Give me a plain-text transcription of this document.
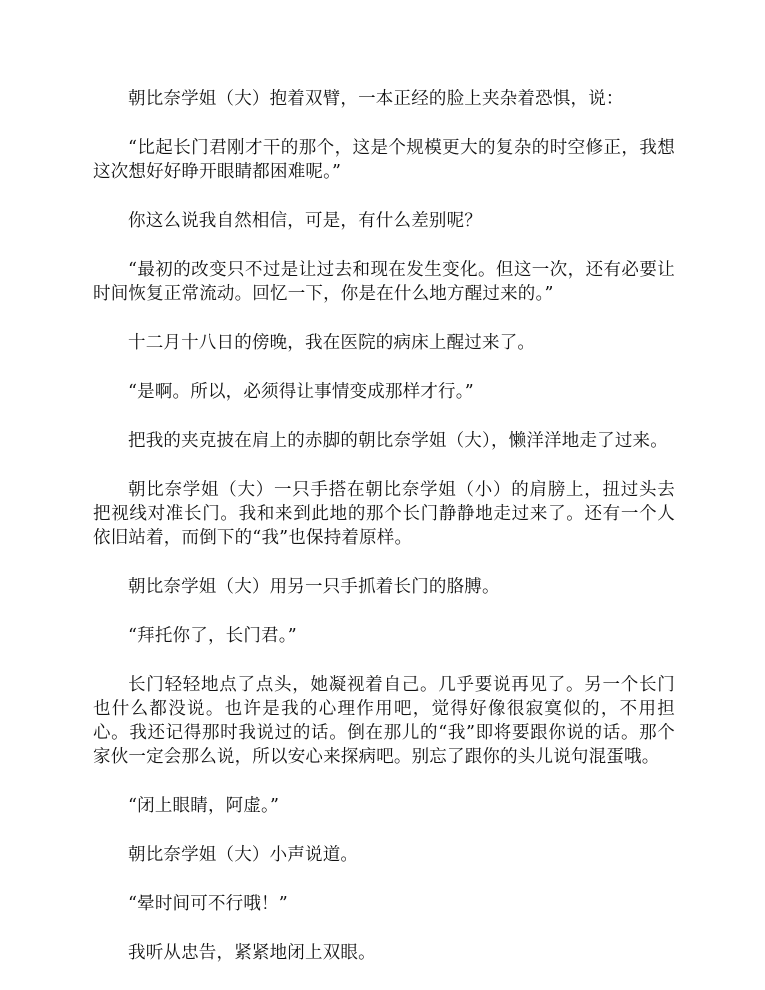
朝比奈学姐（大）抱着双臂，一本正经的脸上夹杂着恐惧，说：

“比起长门君刚才干的那个，这是个规模更大的复杂的时空修正，我想这次想好好睁开眼睛都困难呢。”

你这么说我自然相信，可是，有什么差别呢？

“最初的改变只不过是让过去和现在发生变化。但这一次，还有必要让时间恢复正常流动。回忆一下，你是在什么地方醒过来的。”

十二月十八日的傍晚，我在医院的病床上醒过来了。

“是啊。所以，必须得让事情变成那样才行。”

把我的夹克披在肩上的赤脚的朝比奈学姐（大），懒洋洋地走了过来。

朝比奈学姐（大）一只手搭在朝比奈学姐（小）的肩膀上，扭过头去把视线对准长门。我和来到此地的那个长门静静地走过来了。还有一个人依旧站着，而倒下的“我”也保持着原样。

朝比奈学姐（大）用另一只手抓着长门的胳膊。

“拜托你了，长门君。”

长门轻轻地点了点头，她凝视着自己。几乎要说再见了。另一个长门也什么都没说。也许是我的心理作用吧，觉得好像很寂寞似的，不用担心。我还记得那时我说过的话。倒在那儿的“我”即将要跟你说的话。那个家伙一定会那么说，所以安心来探病吧。别忘了跟你的头儿说句混蛋哦。

“闭上眼睛，阿虚。”

朝比奈学姐（大）小声说道。

“晕时间可不行哦！”

我听从忠告，紧紧地闭上双眼。
